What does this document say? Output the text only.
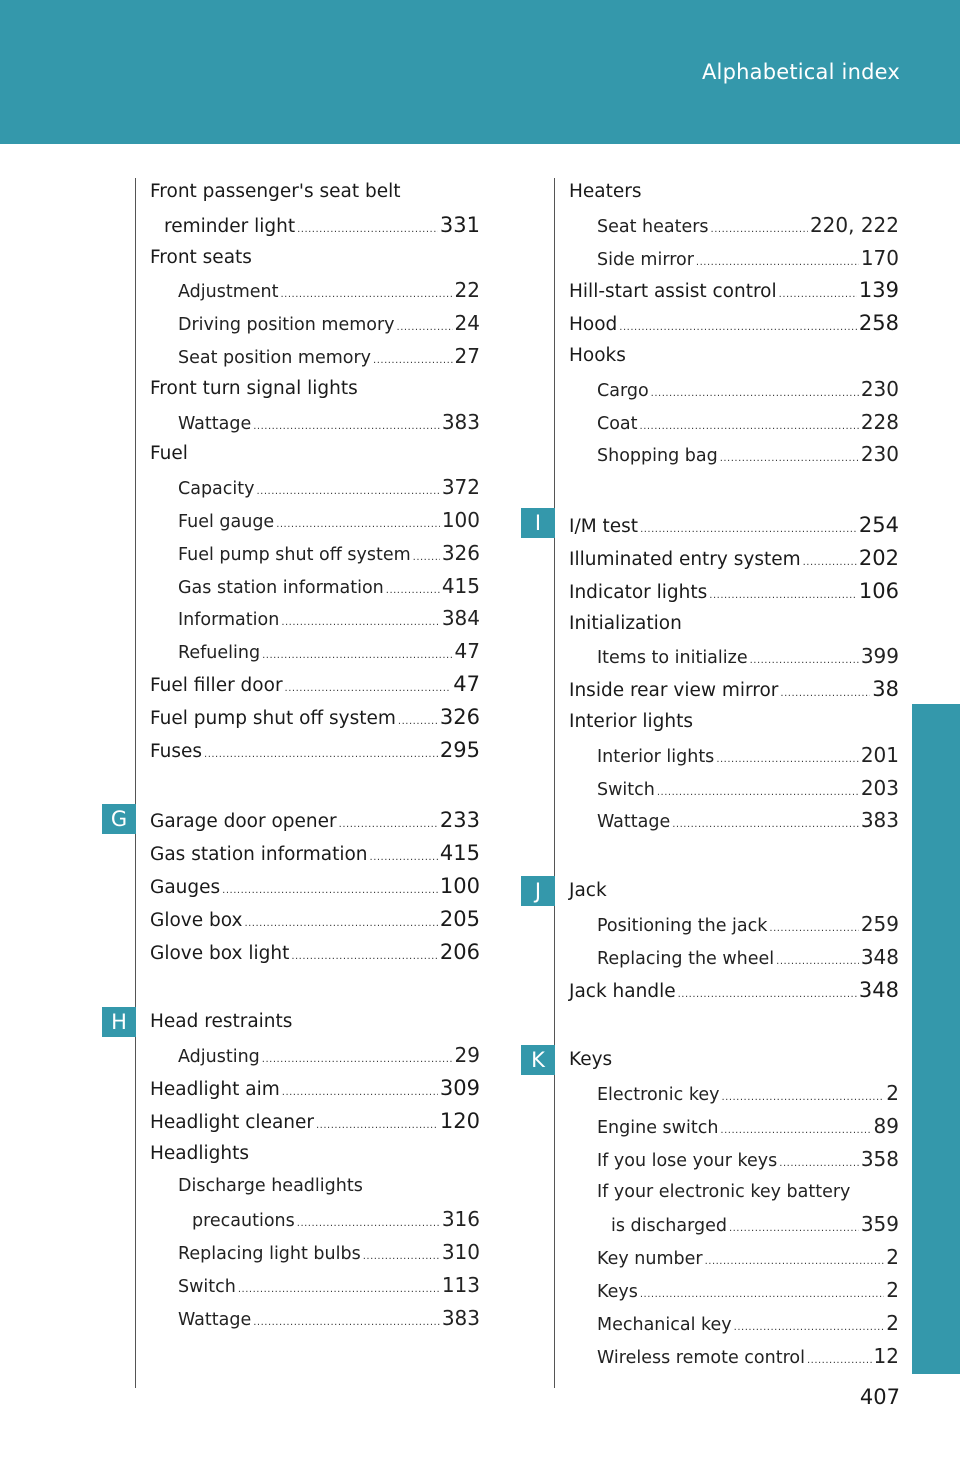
Alphabetical index
G
H
I
J
K
Front passenger's seat belt
reminder light .....	331
Front seats
Adjustment .....	22
Driving position memory .....	24
Seat position memory .....	27
Front turn signal lights
Wattage .....	383
Fuel
Capacity .....	372
Fuel gauge .....	100
Fuel pump shut off system ..... 326
Gas station information .....	415
Information .....	384
Refueling .....	47
Fuel filler door .....	47
Fuel pump shut off system ..... 326
Fuses .....	295
Garage door opener .....	233
Gas station information .....	415
Gauges .....	100
Glove box .....	205
Glove box light .....	206
Head restraints
Adjusting .....	29
Headlight aim .....	309
Headlight cleaner .....	120
Headlights
Discharge headlights
precautions .....	316
Replacing light bulbs .....	310
Switch .....	113
Wattage .....	383
Heaters
Seat heaters .....	220, 222
Side mirror .....	170
Hill-start assist control .....	139
Hood .....	258
Hooks
Cargo .....	230
Coat .....	228
Shopping bag .....	230
I/M test .....	254
Illuminated entry system .....	202
Indicator lights .....	106
Initialization
Items to initialize .....	399
Inside rear view mirror .....	38
Interior lights
Interior lights .....	201
Switch .....	203
Wattage .....	383
Jack
Positioning the jack .....	259
Replacing the wheel .....	348
Jack handle .....	348
Keys
Electronic key .....	2
Engine switch .....	89
If you lose your keys .....	358
If your electronic key battery
is discharged .....	359
Key number .....	2
Keys .....	2
Mechanical key .....	2
Wireless remote control .....	12
407
